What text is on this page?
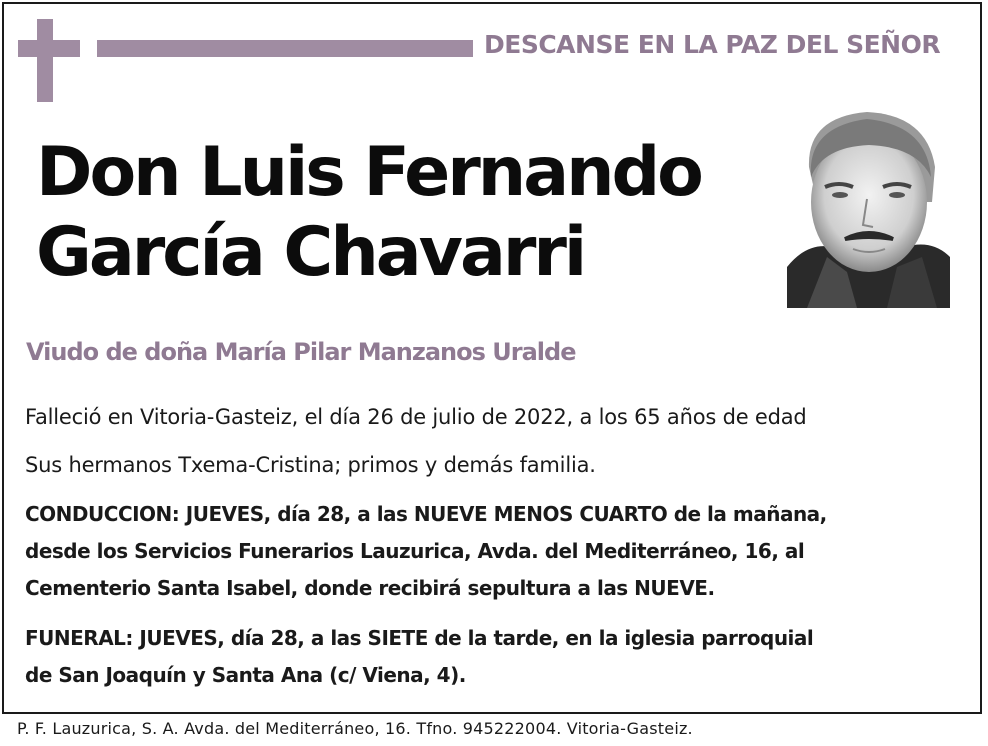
DESCANSE EN LA PAZ DEL SEÑOR
Don Luis Fernando
García Chavarri
Viudo de doña María Pilar Manzanos Uralde
Falleció en Vitoria-Gasteiz, el día 26 de julio de 2022, a los 65 años de edad
Sus hermanos Txema-Cristina; primos y demás familia.
CONDUCCION: JUEVES, día 28, a las NUEVE MENOS CUARTO de la mañana,
desde los Servicios Funerarios Lauzurica, Avda. del Mediterráneo, 16, al
Cementerio Santa Isabel, donde recibirá sepultura a las NUEVE.
FUNERAL: JUEVES, día 28, a las SIETE de la tarde, en la iglesia parroquial
de San Joaquín y Santa Ana (c/ Viena, 4).
P. F. Lauzurica, S. A. Avda. del Mediterráneo, 16. Tfno. 945222004. Vitoria-Gasteiz.
